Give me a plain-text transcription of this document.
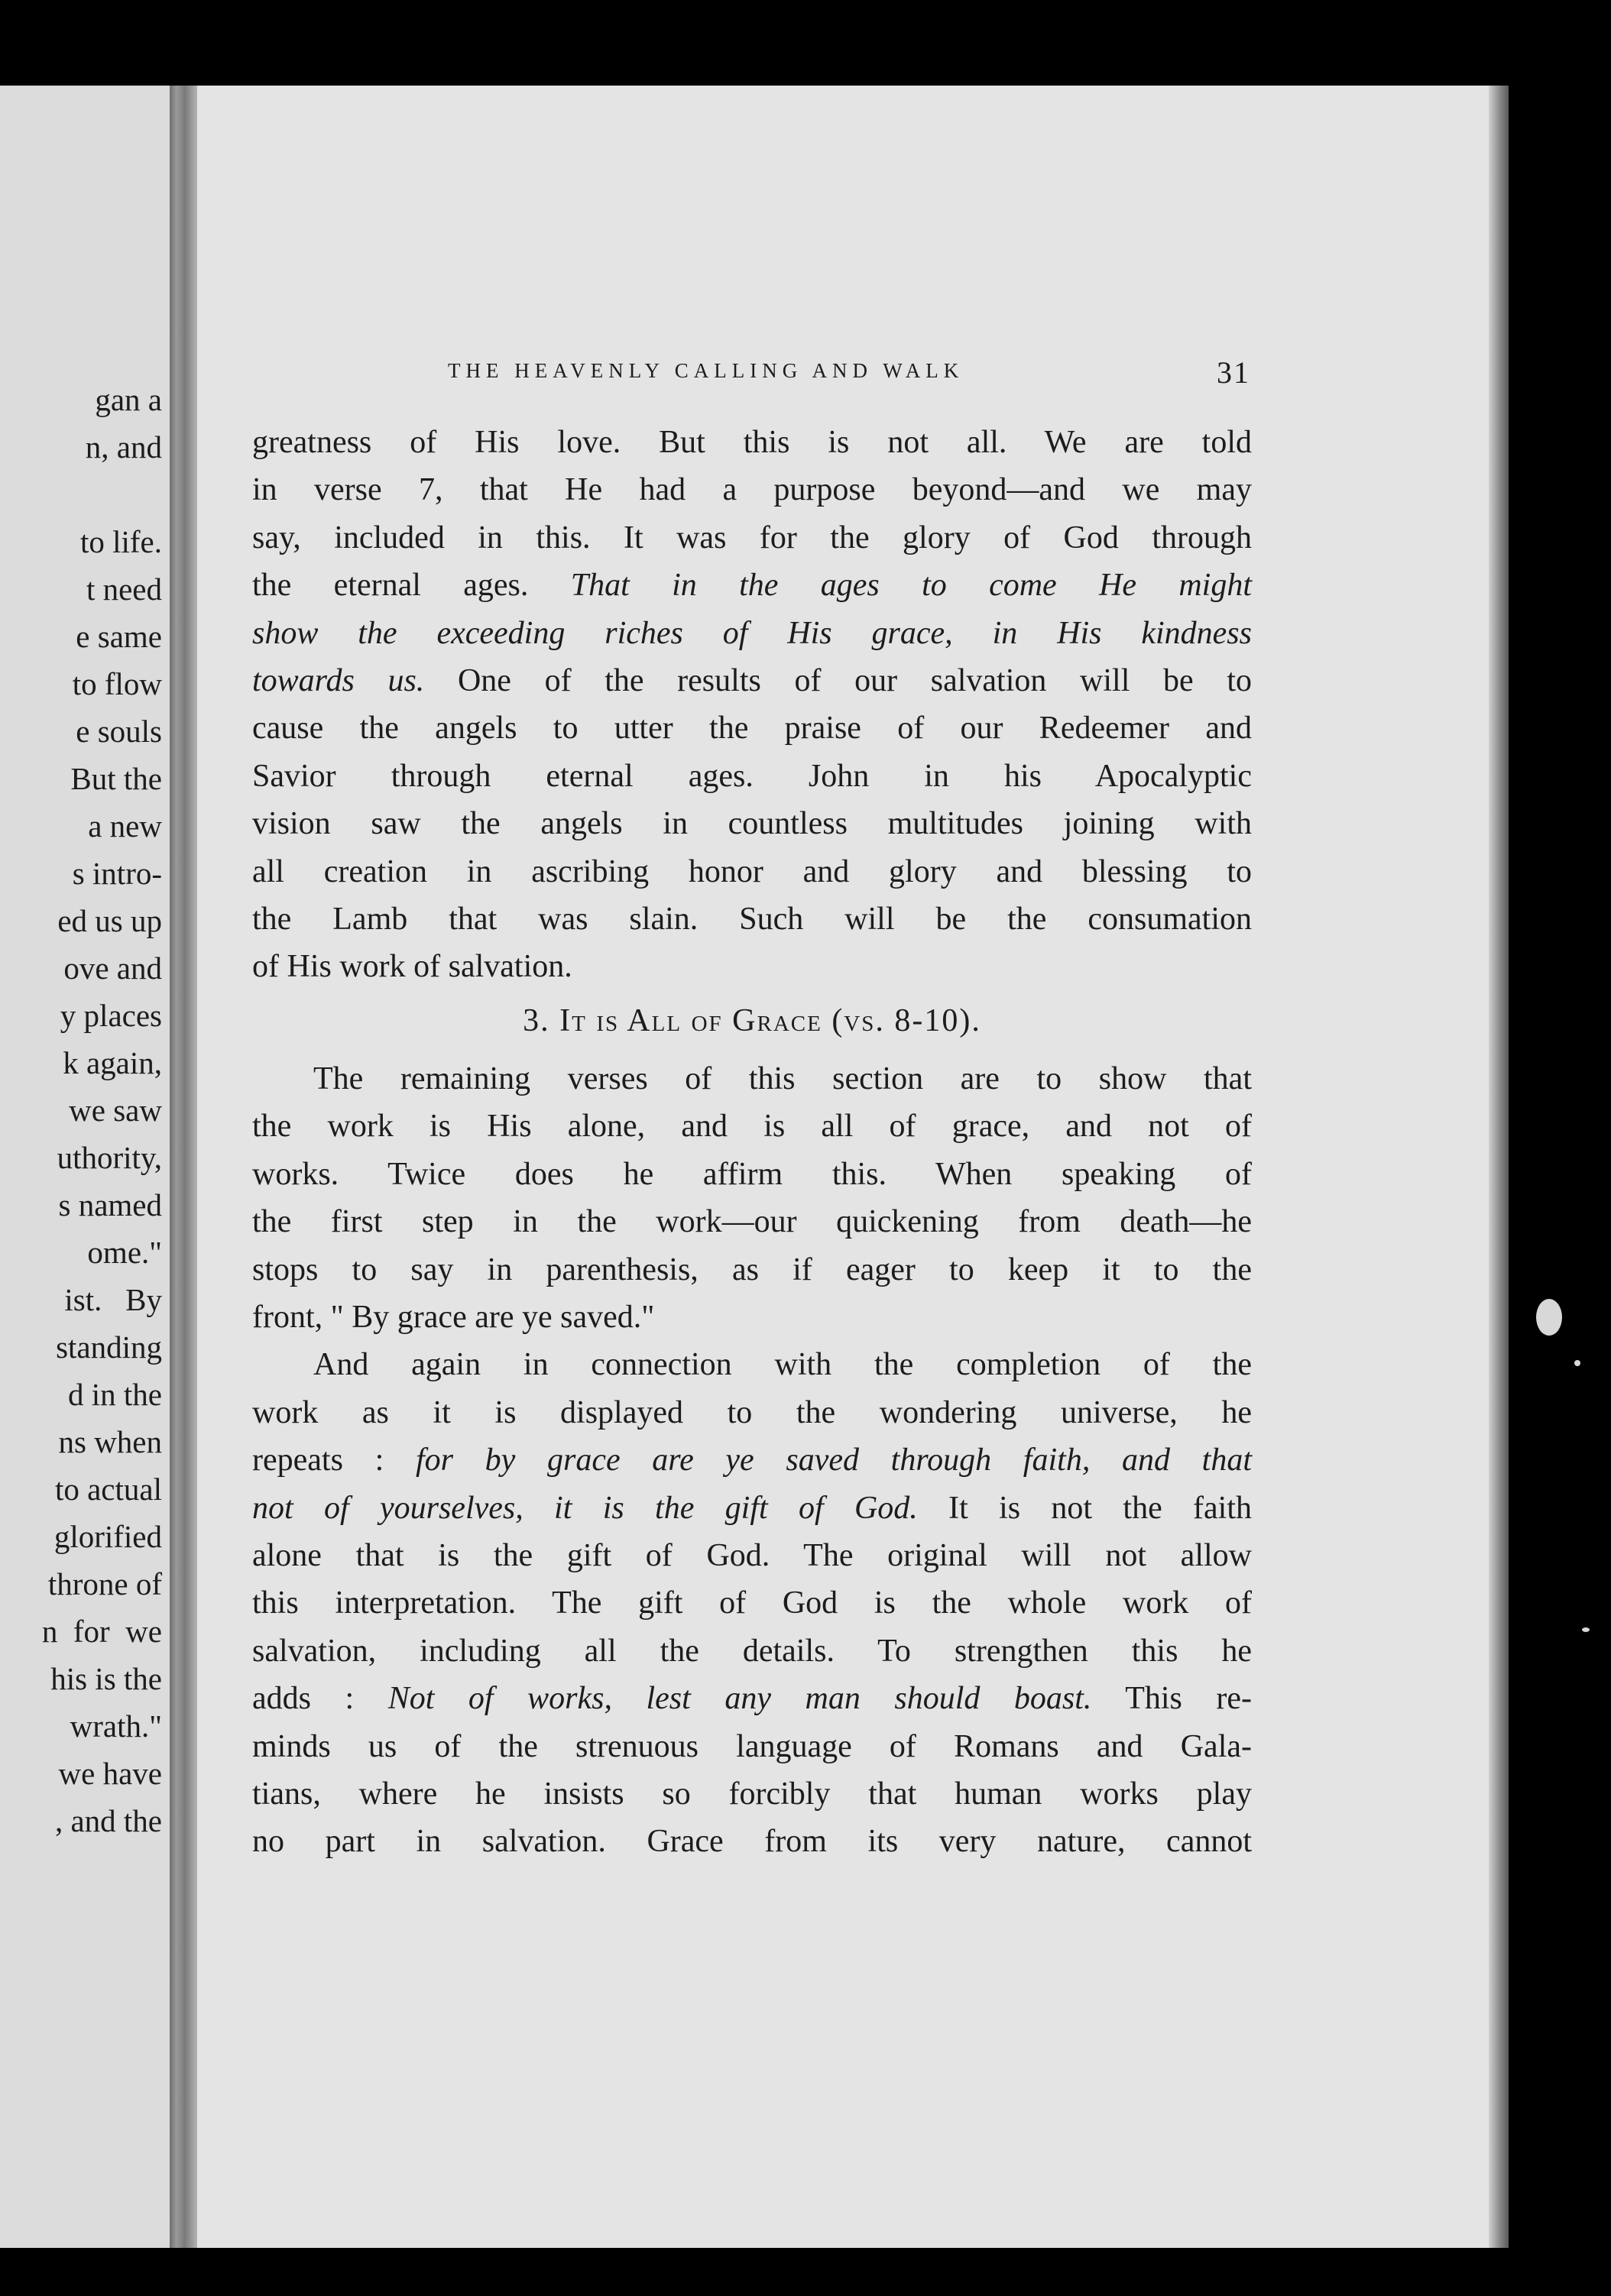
gan a
n, and
to life.
t need
e same
to flow
e souls
But the
a new
s intro-
ed us up
ove and
y places
k again,
we saw
uthority,
s named
ome."
ist.   By
standing
d in the
ns when
to actual
glorified
throne of
n  for  we
his is the
wrath."
we have
, and the
THE HEAVENLY CALLING AND WALK	31
greatness of His love. But this is not all. We are told
in verse 7, that He had a purpose beyond—and we may
say, included in this. It was for the glory of God through
the eternal ages. That in the ages to come He might
show the exceeding riches of His grace, in His kindness
towards us. One of the results of our salvation will be to
cause the angels to utter the praise of our Redeemer and
Savior through eternal ages. John in his Apocalyptic
vision saw the angels in countless multitudes joining with
all creation in ascribing honor and glory and blessing to
the Lamb that was slain. Such will be the consumation
of His work of salvation.
3. It is All of Grace (vs. 8-10).
The remaining verses of this section are to show that
the work is His alone, and is all of grace, and not of
works. Twice does he affirm this. When speaking of
the first step in the work—our quickening from death—he
stops to say in parenthesis, as if eager to keep it to the
front, " By grace are ye saved."
And again in connection with the completion of the
work as it is displayed to the wondering universe, he
repeats : for by grace are ye saved through faith, and that
not of yourselves, it is the gift of God. It is not the faith
alone that is the gift of God. The original will not allow
this interpretation. The gift of God is the whole work of
salvation, including all the details. To strengthen this he
adds : Not of works, lest any man should boast. This re-
minds us of the strenuous language of Romans and Gala-
tians, where he insists so forcibly that human works play
no part in salvation. Grace from its very nature, cannot
